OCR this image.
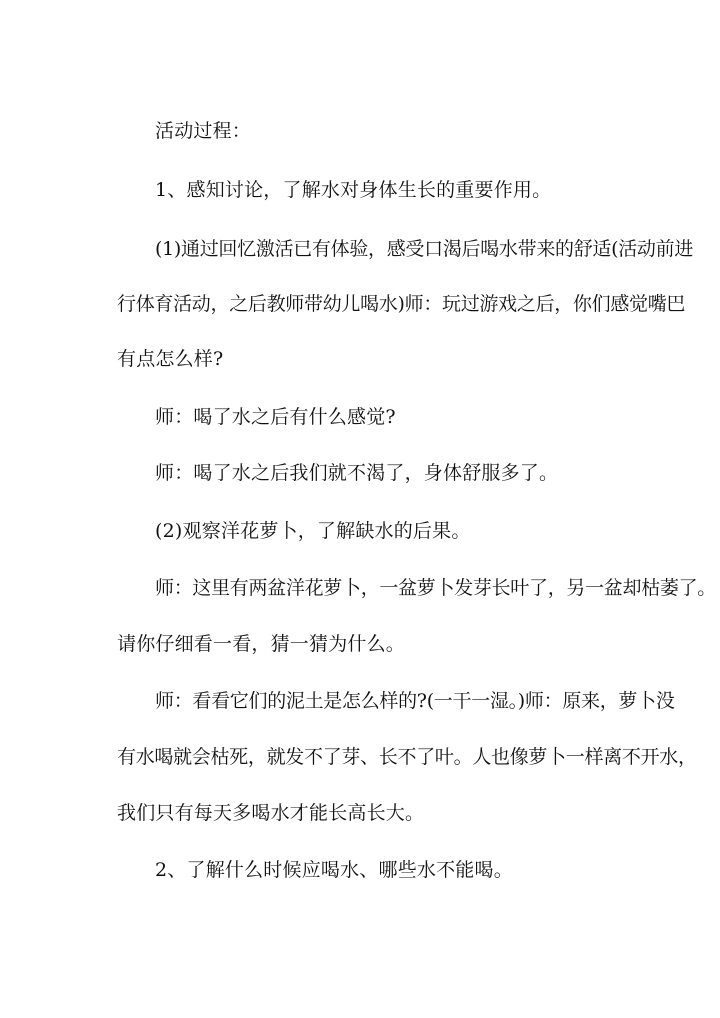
活动过程：
1、感知讨论，了解水对身体生长的重要作用。
(1)通过回忆激活已有体验，感受口渴后喝水带来的舒适(活动前进
行体育活动，之后教师带幼儿喝水)师：玩过游戏之后，你们感觉嘴巴
有点怎么样?
师：喝了水之后有什么感觉?
师：喝了水之后我们就不渴了，身体舒服多了。
(2)观察洋花萝卜，了解缺水的后果。
师：这里有两盆洋花萝卜，一盆萝卜发芽长叶了，另一盆却枯萎了。
请你仔细看一看，猜一猜为什么。
师：看看它们的泥土是怎么样的?(一干一湿。)师：原来，萝卜没
有水喝就会枯死，就发不了芽、长不了叶。人也像萝卜一样离不开水，
我们只有每天多喝水才能长高长大。
2、了解什么时候应喝水、哪些水不能喝。
